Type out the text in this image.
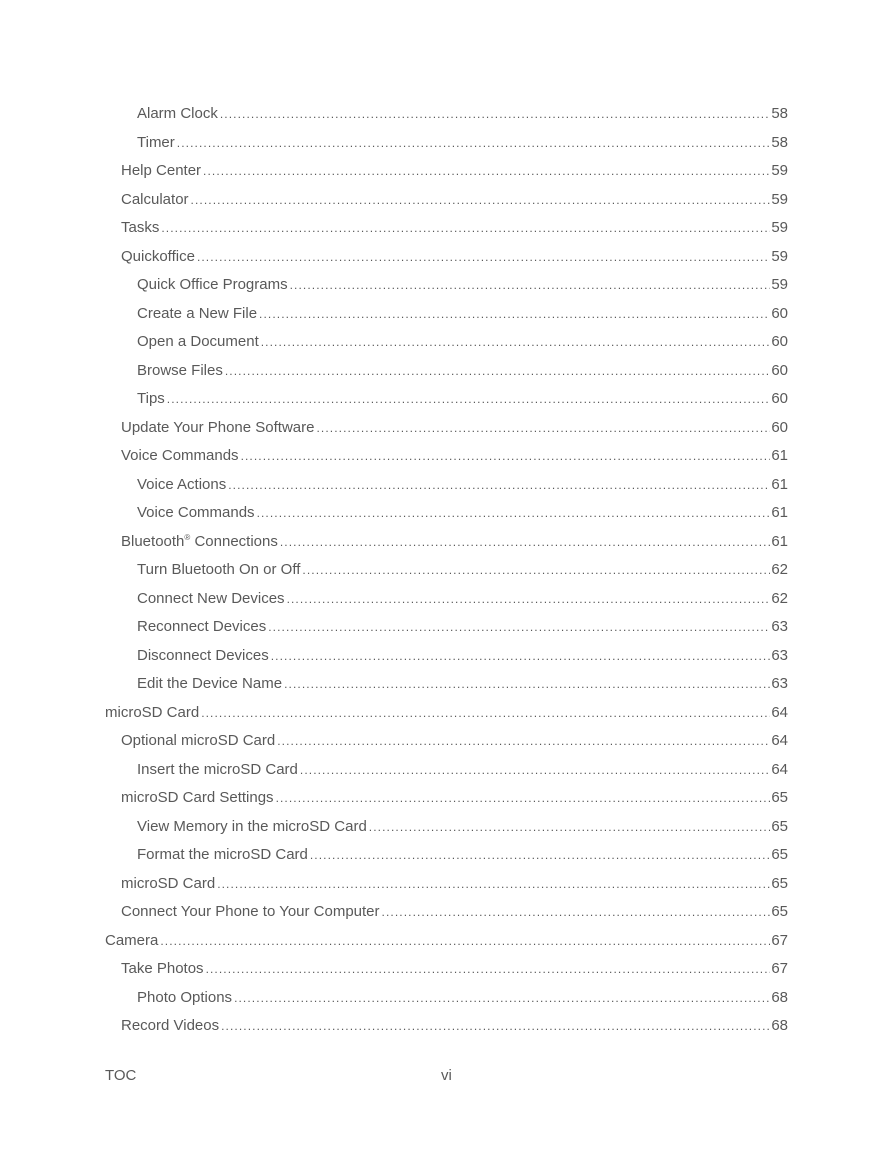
Alarm Clock .....	58
Timer .....	58
Help Center .....	59
Calculator .....	59
Tasks .....	59
Quickoffice .....	59
Quick Office Programs .....	59
Create a New File .....	60
Open a Document .....	60
Browse Files .....	60
Tips .....	60
Update Your Phone Software .....	60
Voice Commands .....	61
Voice Actions .....	61
Voice Commands .....	61
Bluetooth® Connections .....	61
Turn Bluetooth On or Off .....	62
Connect New Devices .....	62
Reconnect Devices .....	63
Disconnect Devices .....	63
Edit the Device Name .....	63
microSD Card .....	64
Optional microSD Card .....	64
Insert the microSD Card .....	64
microSD Card Settings .....	65
View Memory in the microSD Card .....	65
Format the microSD Card .....	65
microSD Card .....	65
Connect Your Phone to Your Computer .....	65
Camera .....	67
Take Photos .....	67
Photo Options .....	68
Record Videos .....	68
TOC	vi
